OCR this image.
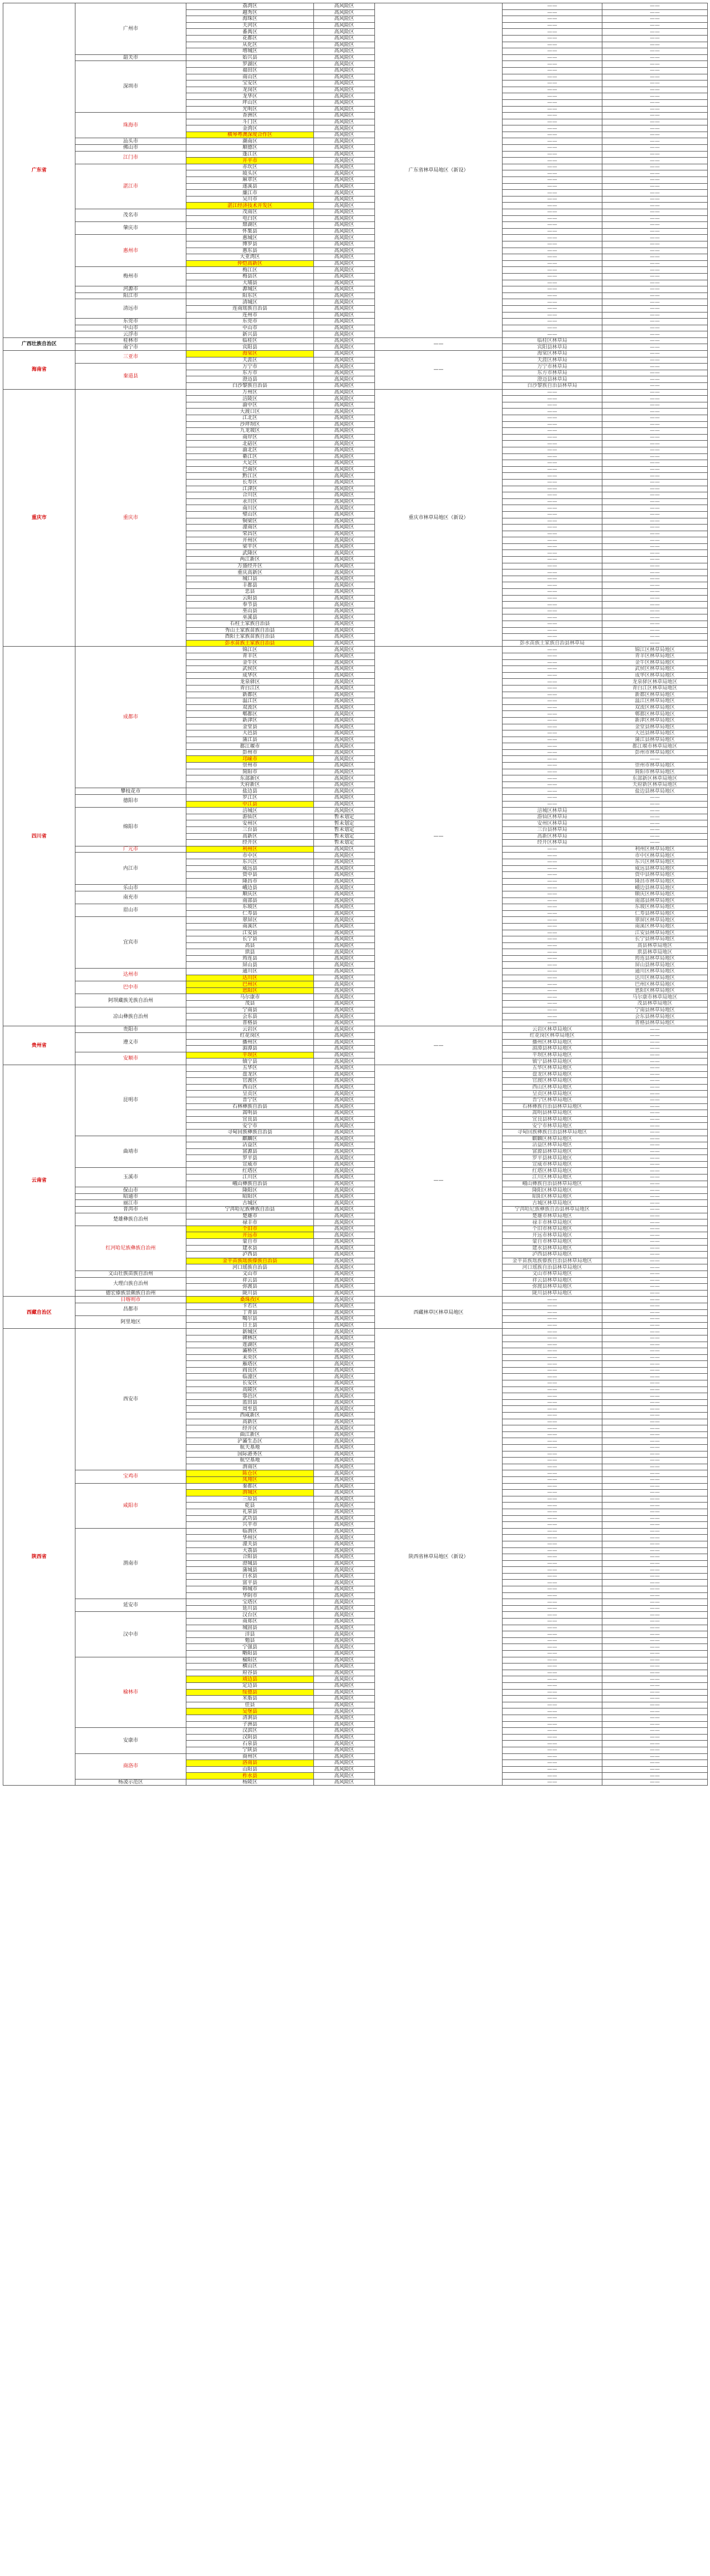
广东省	广州市	荔湾区	高风险区	广东省林草局地区（新设）	——	——
		越秀区	高风险区		——	——
		海珠区	高风险区		——	——
		天河区	高风险区		——	——
		番禺区	高风险区		——	——
		花都区	高风险区		——	——
		从化区	高风险区		——	——
		增城区	高风险区		——	——
	韶关市	始兴县	高风险区		——	——
	深圳市	罗湖区	高风险区		——	——
		福田区	高风险区		——	——
		南山区	高风险区		——	——
		宝安区	高风险区		——	——
		龙岗区	高风险区		——	——
		龙华区	高风险区		——	——
		坪山区	高风险区		——	——
		光明区	高风险区		——	——
	珠海市	香洲区	高风险区		——	——
		斗门区	高风险区		——	——
		金湾区	高风险区		——	——
		横琴粤澳深度合作区	高风险区		——	——
	汕头市	潮南区	高风险区		——	——
	佛山市	顺德区	高风险区		——	——
	江门市	蓬江区	高风险区		——	——
		开平市	高风险区		——	——
	湛江市	赤坎区	高风险区		——	——
		坡头区	高风险区		——	——
		麻章区	高风险区		——	——
		遂溪县	高风险区		——	——
		廉江市	高风险区		——	——
		吴川市	高风险区		——	——
		湛江经济技术开发区	高风险区		——	——
	茂名市	茂南区	高风险区		——	——
		电白区	高风险区		——	——
	肇庆市	鼎湖区	高风险区		——	——
		怀集县	高风险区		——	——
	惠州市	惠城区	高风险区		——	——
		博罗县	高风险区		——	——
		惠东县	高风险区		——	——
		大亚湾区	高风险区		——	——
		仲恺高新区	高风险区		——	——
	梅州市	梅江区	高风险区		——	——
		梅县区	高风险区		——	——
		大埔县	高风险区		——	——
	河源市	源城区	高风险区		——	——
	阳江市	阳东区	高风险区		——	——
	清远市	清城区	高风险区		——	——
		连南瑶族自治县	高风险区		——	——
		连州市	高风险区		——	——
	东莞市	东莞市	高风险区		——	——
	中山市	中山市	高风险区		——	——
	云浮市	新兴县	高风险区		——	——
广西壮族自治区	桂林市	临桂区	高风险区	——	临桂区林草局	——
	南宁市	宾阳县	高风险区		宾阳县林草局	——
海南省	三亚市	海棠区	高风险区	——	海棠区林草局	——
		天涯区	高风险区		天涯区林草局	——
	秦道县	万宁市	高风险区		万宁市林草局	——
		东方市	高风险区		东方市林草局	——
		澄迈县	高风险区		澄迈县林草局	——
		白沙黎族自治县	高风险区		白沙黎族自治县林草局	——
重庆市	重庆市	万州区	高风险区	重庆市林草局地区（新设）	——	——
		涪陵区	高风险区		——	——
		渝中区	高风险区		——	——
		大渡口区	高风险区		——	——
		江北区	高风险区		——	——
		沙坪坝区	高风险区		——	——
		九龙坡区	高风险区		——	——
		南岸区	高风险区		——	——
		北碚区	高风险区		——	——
		渝北区	高风险区		——	——
		綦江区	高风险区		——	——
		大足区	高风险区		——	——
		巴南区	高风险区		——	——
		黔江区	高风险区		——	——
		长寿区	高风险区		——	——
		江津区	高风险区		——	——
		合川区	高风险区		——	——
		永川区	高风险区		——	——
		南川区	高风险区		——	——
		璧山区	高风险区		——	——
		铜梁区	高风险区		——	——
		潼南区	高风险区		——	——
		荣昌区	高风险区		——	——
		开州区	高风险区		——	——
		梁平区	高风险区		——	——
		武隆区	高风险区		——	——
		两江新区	高风险区		——	——
		万盛经开区	高风险区		——	——
		重庆高新区	高风险区		——	——
		城口县	高风险区		——	——
		丰都县	高风险区		——	——
		忠县	高风险区		——	——
		云阳县	高风险区		——	——
		奉节县	高风险区		——	——
		巫山县	高风险区		——	——
		巫溪县	高风险区		——	——
		石柱土家族自治县	高风险区		——	——
		秀山土家族苗族自治县	高风险区		——	——
		酉阳土家族苗族自治县	高风险区		——	——
		彭水苗族土家族自治县	高风险区		彭水苗族土家族自治县林草局	——
四川省	成都市	锦江区	高风险区	——	——	锦江区林草局地区
		青羊区	高风险区		——	青羊区林草局地区
		金牛区	高风险区		——	金牛区林草局地区
		武侯区	高风险区		——	武侯区林草局地区
		成华区	高风险区		——	成华区林草局地区
		龙泉驿区	高风险区		——	龙泉驿区林草局地区
		青白江区	高风险区		——	青白江区林草局地区
		新都区	高风险区		——	新都区林草局地区
		温江区	高风险区		——	温江区林草局地区
		双流区	高风险区		——	双流区林草局地区
		郫都区	高风险区		——	郫都区林草局地区
		新津区	高风险区		——	新津区林草局地区
		金堂县	高风险区		——	金堂县林草局地区
		大邑县	高风险区		——	大邑县林草局地区
		蒲江县	高风险区		——	蒲江县林草局地区
		都江堰市	高风险区		——	都江堰市林草局地区
		彭州市	高风险区		——	彭州市林草局地区
		邛崃市	高风险区		——	——
		崇州市	高风险区		——	崇州市林草局地区
		简阳市	高风险区		——	简阳市林草局地区
		东部新区	高风险区		——	东部新区林草局地区
		天府新区	高风险区		——	天府新区林草局地区
	攀枝花市	盐边县	高风险区		——	盐边县林草局地区
	德阳市	罗江区	高风险区		——	——
		中江县	高风险区		——	——
	绵阳市	涪城区	高风险区		涪城区林草局	——
		游仙区	暂未划定		游仙区林草局	——
		安州区	暂未划定		安州区林草局	——
		三台县	暂未划定		三台县林草局	——
		高新区	暂未划定		高新区林草局	——
		经开区	暂未划定		经开区林草局	——
	广元市	利州区	高风险区		——	利州区林草局地区
	内江市	市中区	高风险区		——	市中区林草局地区
		东兴区	高风险区		——	东兴区林草局地区
		威远县	高风险区		——	威远县林草局地区
		资中县	高风险区		——	资中县林草局地区
		隆昌市	高风险区		——	隆昌市林草局地区
	乐山市	峨边县	高风险区		——	峨边县林草局地区
	南充市	顺庆区	高风险区		——	顺庆区林草局地区
		南部县	高风险区		——	南部县林草局地区
	眉山市	东坡区	高风险区		——	东坡区林草局地区
		仁寿县	高风险区		——	仁寿县林草局地区
	宜宾市	翠屏区	高风险区		——	翠屏区林草局地区
		南溪区	高风险区		——	南溪区林草局地区
		江安县	高风险区		——	江安县林草局地区
		长宁县	高风险区		——	长宁县林草局地区
		高县	高风险区		——	高县林草局地区
		珙县	高风险区		——	珙县林草局地区
		筠连县	高风险区		——	筠连县林草局地区
		屏山县	高风险区		——	屏山县林草局地区
	达州市	通川区	高风险区		——	通川区林草局地区
		达川区	高风险区		——	达川区林草局地区
	巴中市	巴州区	高风险区		——	巴州区林草局地区
		恩阳区	高风险区		——	恩阳区林草局地区
	阿坝藏族羌族自治州	马尔康市	高风险区		——	马尔康市林草局地区
		茂县	高风险区		——	茂县林草局地区
	凉山彝族自治州	宁南县	高风险区		——	宁南县林草局地区
		会东县	高风险区		——	会东县林草局地区
		普格县	高风险区		——	普格县林草局地区
贵州省	贵阳市	云岩区	高风险区	——	云岩区林草局地区	——
	遵义市	红花岗区	高风险区		红花岗区林草局地区	——
		播州区	高风险区		播州区林草局地区	——
		湄潭县	高风险区		湄潭县林草局地区	——
	安顺市	平坝区	高风险区		平坝区林草局地区	——
		镇宁县	高风险区		镇宁县林草局地区	——
云南省	昆明市	五华区	高风险区	——	五华区林草局地区	——
		盘龙区	高风险区		盘龙区林草局地区	——
		官渡区	高风险区		官渡区林草局地区	——
		西山区	高风险区		西山区林草局地区	——
		呈贡区	高风险区		呈贡区林草局地区	——
		晋宁区	高风险区		晋宁区林草局地区	——
		石林彝族自治县	高风险区		石林彝族自治县林草局地区	——
		嵩明县	高风险区		嵩明县林草局地区	——
		宜良县	高风险区		宜良县林草局地区	——
		安宁市	高风险区		安宁市林草局地区	——
		寻甸回族彝族自治县	高风险区		寻甸回族彝族自治县林草局地区	——
	曲靖市	麒麟区	高风险区		麒麟区林草局地区	——
		沾益区	高风险区		沾益区林草局地区	——
		富源县	高风险区		富源县林草局地区	——
		罗平县	高风险区		罗平县林草局地区	——
		宣威市	高风险区		宣威市林草局地区	——
	玉溪市	红塔区	高风险区		红塔区林草局地区	——
		江川区	高风险区		江川区林草局地区	——
		峨山彝族自治县	高风险区		峨山彝族自治县林草局地区	——
	保山市	隆阳区	高风险区		隆阳区林草局地区	——
	昭通市	昭阳区	高风险区		昭阳区林草局地区	——
	丽江市	古城区	高风险区		古城区林草局地区	——
	普洱市	宁洱哈尼族彝族自治县	高风险区		宁洱哈尼族彝族自治县林草局地区	——
	楚雄彝族自治州	楚雄市	高风险区		楚雄市林草局地区	——
		禄丰市	高风险区		禄丰市林草局地区	——
	红河哈尼族彝族自治州	个旧市	高风险区		个旧市林草局地区	——
		开远市	高风险区		开远市林草局地区	——
		蒙自市	高风险区		蒙自市林草局地区	——
		建水县	高风险区		建水县林草局地区	——
		泸西县	高风险区		泸西县林草局地区	——
		金平苗族瑶族傣族自治县	高风险区		金平苗族瑶族傣族自治县林草局地区	——
		河口瑶族自治县	高风险区		河口瑶族自治县林草局地区	——
	文山壮族苗族自治州	文山市	高风险区		文山市林草局地区	——
	大理白族自治州	祥云县	高风险区		祥云县林草局地区	——
		弥渡县	高风险区		弥渡县林草局地区	——
	德宏傣族景颇族自治州	陇川县	高风险区		陇川县林草局地区	——
西藏自治区	日喀则市	桑珠孜区	高风险区	西藏林草区林草局地区	——	——
	昌都市	卡若区	高风险区		——	——
		丁青县	高风险区		——	——
	阿里地区	噶尔县	高风险区		——	——
		日土县	高风险区		——	——
陕西省	西安市	新城区	高风险区	陕西省林草局地区（新设）	——	——
		碑林区	高风险区		——	——
		莲湖区	高风险区		——	——
		灞桥区	高风险区		——	——
		未央区	高风险区		——	——
		雁塔区	高风险区		——	——
		阎良区	高风险区		——	——
		临潼区	高风险区		——	——
		长安区	高风险区		——	——
		高陵区	高风险区		——	——
		鄠邑区	高风险区		——	——
		蓝田县	高风险区		——	——
		周至县	高风险区		——	——
		西咸新区	高风险区		——	——
		高新区	高风险区		——	——
		经开区	高风险区		——	——
		曲江新区	高风险区		——	——
		浐灞生态区	高风险区		——	——
		航天基地	高风险区		——	——
		国际港务区	高风险区		——	——
		航空基地	高风险区		——	——
		渭南区	高风险区		——	——
	宝鸡市	陈仓区	高风险区		——	——
		凤翔区	高风险区		——	——
	咸阳市	秦都区	高风险区		——	——
		渭城区	高风险区		——	——
		三原县	高风险区		——	——
		乾县	高风险区		——	——
		礼泉县	高风险区		——	——
		武功县	高风险区		——	——
		兴平市	高风险区		——	——
	渭南市	临渭区	高风险区		——	——
		华州区	高风险区		——	——
		潼关县	高风险区		——	——
		大荔县	高风险区		——	——
		合阳县	高风险区		——	——
		澄城县	高风险区		——	——
		蒲城县	高风险区		——	——
		白水县	高风险区		——	——
		富平县	高风险区		——	——
		韩城市	高风险区		——	——
		华阴市	高风险区		——	——
	延安市	宝塔区	高风险区		——	——
		延川县	高风险区		——	——
	汉中市	汉台区	高风险区		——	——
		南郑区	高风险区		——	——
		城固县	高风险区		——	——
		洋县	高风险区		——	——
		勉县	高风险区		——	——
		宁强县	高风险区		——	——
		略阳县	高风险区		——	——
	榆林市	榆阳区	高风险区		——	——
		横山区	高风险区		——	——
		府谷县	高风险区		——	——
		靖边县	高风险区		——	——
		定边县	高风险区		——	——
		绥德县	高风险区		——	——
		米脂县	高风险区		——	——
		佳县	高风险区		——	——
		吴堡县	高风险区		——	——
		清涧县	高风险区		——	——
		子洲县	高风险区		——	——
	安康市	汉滨区	高风险区		——	——
		汉阴县	高风险区		——	——
		石泉县	高风险区		——	——
		宁陕县	高风险区		——	——
	商洛市	商州区	高风险区		——	——
		洛南县	高风险区		——	——
		山阳县	高风险区		——	——
		柞水县	高风险区		——	——
	杨凌示范区	杨陵区	高风险区		——	——
